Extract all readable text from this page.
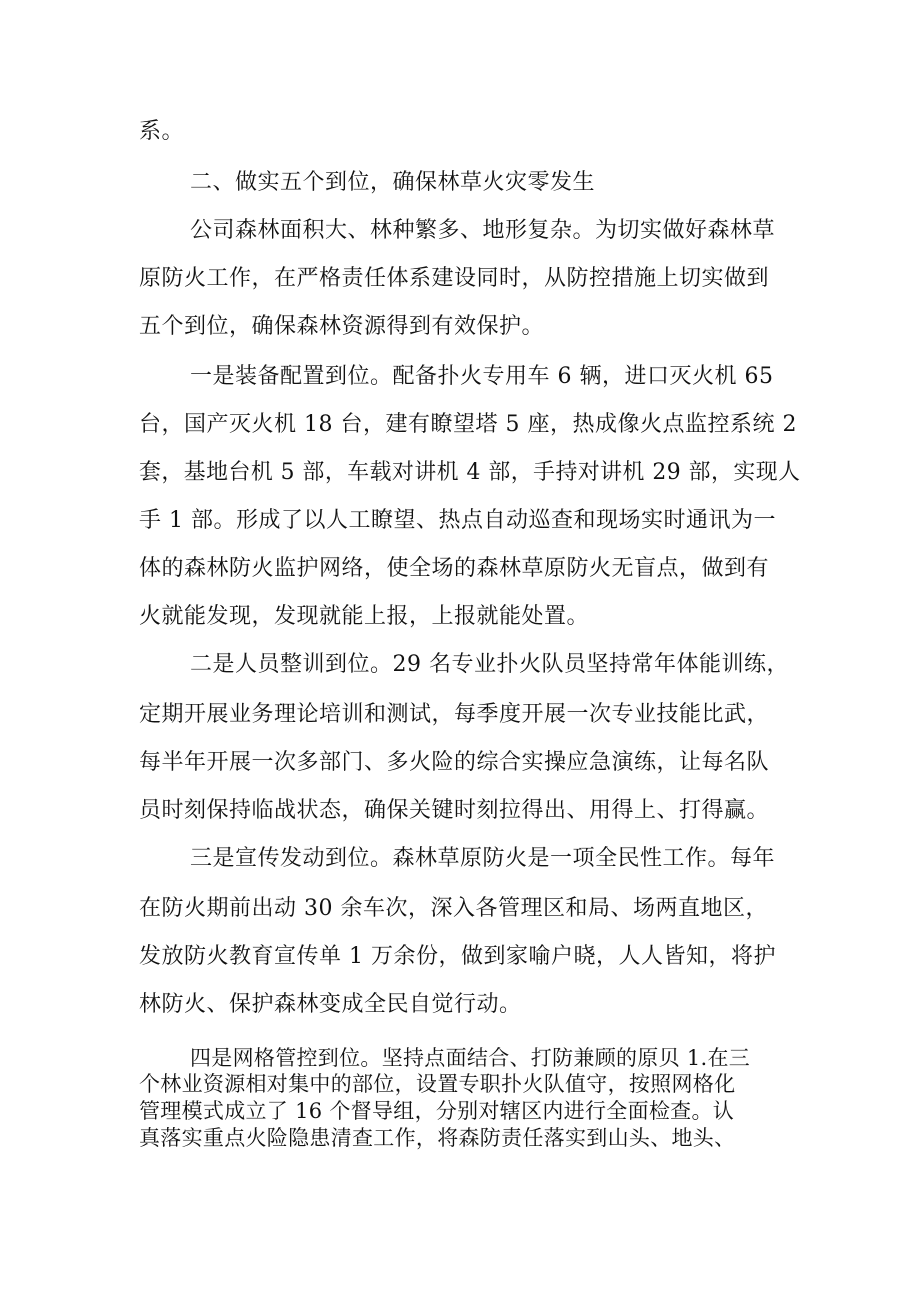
系。
二、做实五个到位，确保林草火灾零发生
公司森林面积大、林种繁多、地形复杂。为切实做好森林草
原防火工作，在严格责任体系建设同时，从防控措施上切实做到
五个到位，确保森林资源得到有效保护。
一是装备配置到位。配备扑火专用车 6 辆，进口灭火机 65
台，国产灭火机 18 台，建有瞭望塔 5 座，热成像火点监控系统 2
套，基地台机 5 部，车载对讲机 4 部，手持对讲机 29 部，实现人
手 1 部。形成了以人工瞭望、热点自动巡查和现场实时通讯为一
体的森林防火监护网络，使全场的森林草原防火无盲点，做到有
火就能发现，发现就能上报，上报就能处置。
二是人员整训到位。29 名专业扑火队员坚持常年体能训练，
定期开展业务理论培训和测试，每季度开展一次专业技能比武，
每半年开展一次多部门、多火险的综合实操应急演练，让每名队
员时刻保持临战状态，确保关键时刻拉得出、用得上、打得赢。
三是宣传发动到位。森林草原防火是一项全民性工作。每年
在防火期前出动 30 余车次，深入各管理区和局、场两直地区，
发放防火教育宣传单 1 万余份，做到家喻户晓，人人皆知，将护
林防火、保护森林变成全民自觉行动。
四是网格管控到位。坚持点面结合、打防兼顾的原贝 1.在三
个林业资源相对集中的部位，设置专职扑火队值守，按照网格化
管理模式成立了 16 个督导组，分别对辖区内进行全面检查。认
真落实重点火险隐患清查工作，将森防责任落实到山头、地头、
